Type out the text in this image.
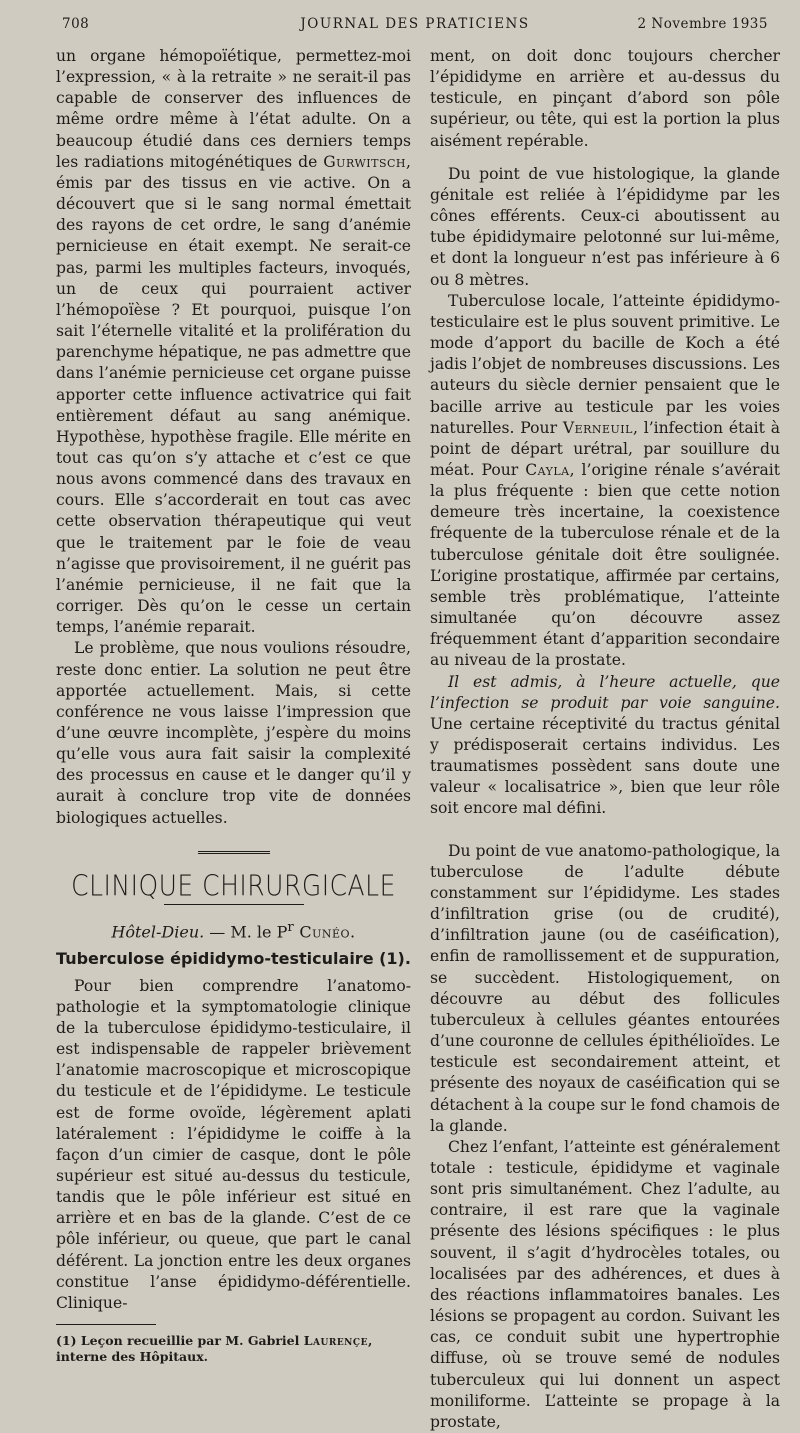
708	JOURNAL DES PRATICIENS	2 Novembre 1935

un organe hémopoïétique, permettez-moi l’expression, « à la retraite » ne serait-il pas capable de conserver des influences de même ordre même à l’état adulte. On a beaucoup étudié dans ces derniers temps les radiations mitogénétiques de Gurwitsch, émis par des tissus en vie active. On a découvert que si le sang normal émettait des rayons de cet ordre, le sang d’anémie pernicieuse en était exempt. Ne serait-ce pas, parmi les multiples facteurs, invoqués, un de ceux qui pourraient activer l’hémopoïèse ? Et pourquoi, puisque l’on sait l’éternelle vitalité et la prolifération du parenchyme hépatique, ne pas admettre que dans l’anémie pernicieuse cet organe puisse apporter cette influence activatrice qui fait entièrement défaut au sang anémique. Hypothèse, hypothèse fragile. Elle mérite en tout cas qu’on s’y attache et c’est ce que nous avons commencé dans des travaux en cours. Elle s’accorderait en tout cas avec cette observation thérapeutique qui veut que le traitement par le foie de veau n’agisse que provisoirement, il ne guérit pas l’anémie pernicieuse, il ne fait que la corriger. Dès qu’on le cesse un certain temps, l’anémie reparait.

Le problème, que nous voulions résoudre, reste donc entier. La solution ne peut être apportée actuellement. Mais, si cette conférence ne vous laisse l’impression que d’une œuvre incomplète, j’espère du moins qu’elle vous aura fait saisir la complexité des processus en cause et le danger qu’il y aurait à conclure trop vite de données biologiques actuelles.

CLINIQUE CHIRURGICALE
Hôtel-Dieu. — M. le $P^r$ Cunéo.
Tuberculose épididymo-testiculaire (1).

Pour bien comprendre l’anatomo-pathologie et la symptomatologie clinique de la tuberculose épididymo-testiculaire, il est indispensable de rappeler brièvement l’anatomie macroscopique et microscopique du testicule et de l’épididyme. Le testicule est de forme ovoïde, légèrement aplati latéralement : l’épididyme le coiffe à la façon d’un cimier de casque, dont le pôle supérieur est situé au-dessus du testicule, tandis que le pôle inférieur est situé en arrière et en bas de la glande. C’est de ce pôle inférieur, ou queue, que part le canal déférent. La jonction entre les deux organes constitue l’anse épididymo-déférentielle. Clinique-

(1) Leçon recueillie par M. Gabriel Laurençe, interne des Hôpitaux.

ment, on doit donc toujours chercher l’épididyme en arrière et au-dessus du testicule, en pinçant d’abord son pôle supérieur, ou tête, qui est la portion la plus aisément repérable.

Du point de vue histologique, la glande génitale est reliée à l’épididyme par les cônes efférents. Ceux-ci aboutissent au tube épididymaire pelotonné sur lui-même, et dont la longueur n’est pas inférieure à 6 ou 8 mètres.

Tuberculose locale, l’atteinte épididymo-testiculaire est le plus souvent primitive. Le mode d’apport du bacille de Koch a été jadis l’objet de nombreuses discussions. Les auteurs du siècle dernier pensaient que le bacille arrive au testicule par les voies naturelles. Pour Verneuil, l’infection était à point de départ urétral, par souillure du méat. Pour Cayla, l’origine rénale s’avérait la plus fréquente : bien que cette notion demeure très incertaine, la coexistence fréquente de la tuberculose rénale et de la tuberculose génitale doit être soulignée. L’origine prostatique, affirmée par certains, semble très problématique, l’atteinte simultanée qu’on découvre assez fréquemment étant d’apparition secondaire au niveau de la prostate.

Il est admis, à l’heure actuelle, que l’infection se produit par voie sanguine. Une certaine réceptivité du tractus génital y prédisposerait certains individus. Les traumatismes possèdent sans doute une valeur « localisatrice », bien que leur rôle soit encore mal défini.

Du point de vue anatomo-pathologique, la tuberculose de l’adulte débute constamment sur l’épididyme. Les stades d’infiltration grise (ou de crudité), d’infiltration jaune (ou de caséification), enfin de ramollissement et de suppuration, se succèdent. Histologiquement, on découvre au début des follicules tuberculeux à cellules géantes entourées d’une couronne de cellules épithélioïdes. Le testicule est secondairement atteint, et présente des noyaux de caséification qui se détachent à la coupe sur le fond chamois de la glande.

Chez l’enfant, l’atteinte est généralement totale : testicule, épididyme et vaginale sont pris simultanément. Chez l’adulte, au contraire, il est rare que la vaginale présente des lésions spécifiques : le plus souvent, il s’agit d’hydrocèles totales, ou localisées par des adhérences, et dues à des réactions inflammatoires banales. Les lésions se propagent au cordon. Suivant les cas, ce conduit subit une hypertrophie diffuse, où se trouve semé de nodules tuberculeux qui lui donnent un aspect moniliforme. L’atteinte se propage à la prostate,
